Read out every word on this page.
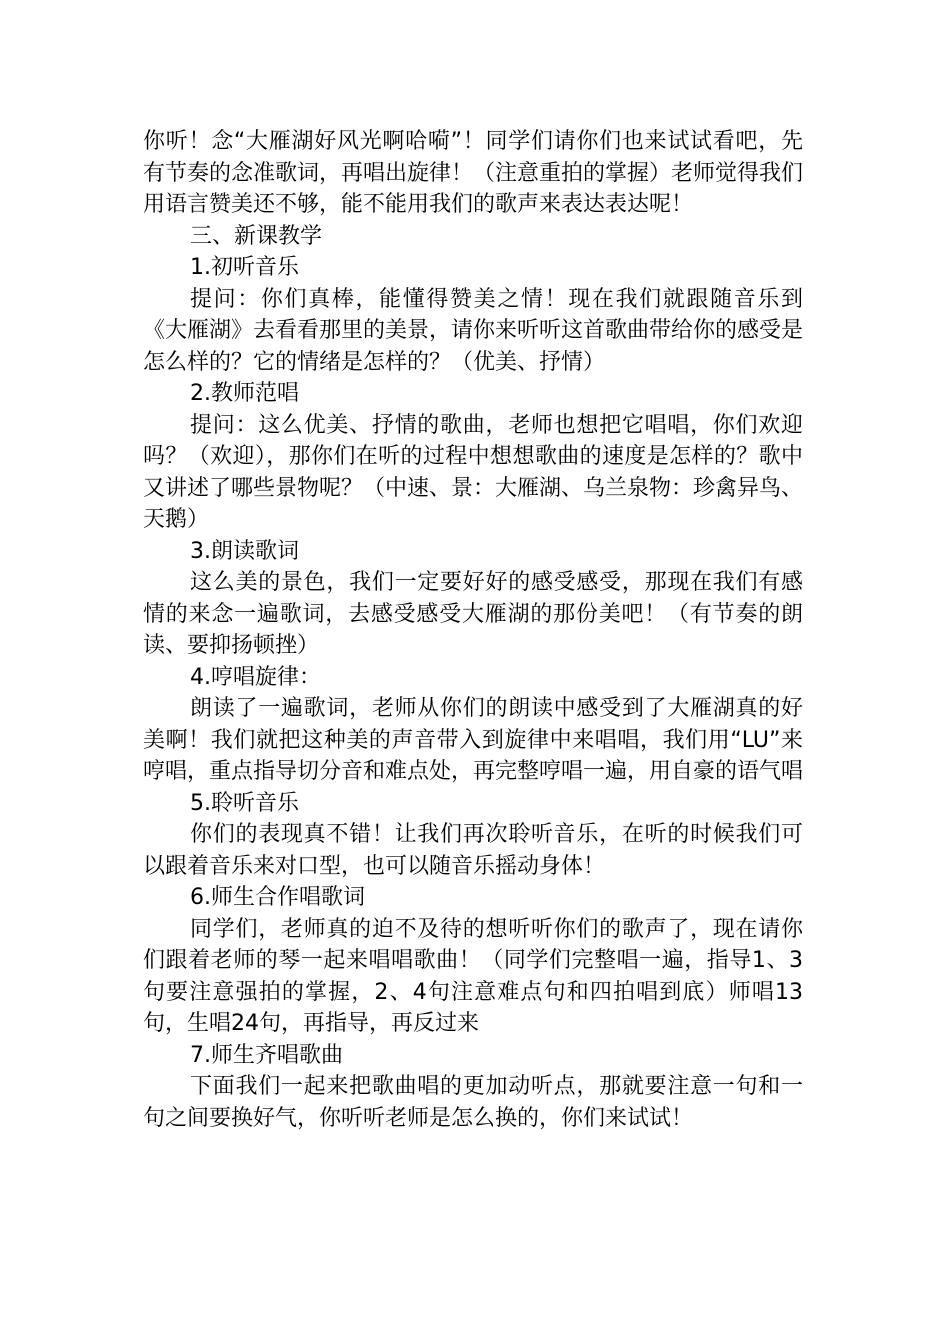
你听！念“大雁湖好风光啊哈嗬”！同学们请你们也来试试看吧，先有节奏的念准歌词，再唱出旋律！（注意重拍的掌握）老师觉得我们用语言赞美还不够，能不能用我们的歌声来表达表达呢！

三、新课教学

1.初听音乐

提问：你们真棒，能懂得赞美之情！现在我们就跟随音乐到《大雁湖》去看看那里的美景，请你来听听这首歌曲带给你的感受是怎么样的？它的情绪是怎样的？（优美、抒情）

2.教师范唱

提问：这么优美、抒情的歌曲，老师也想把它唱唱，你们欢迎吗？（欢迎），那你们在听的过程中想想歌曲的速度是怎样的？歌中又讲述了哪些景物呢？（中速、景：大雁湖、乌兰泉物：珍禽异鸟、天鹅）

3.朗读歌词

这么美的景色，我们一定要好好的感受感受，那现在我们有感情的来念一遍歌词，去感受感受大雁湖的那份美吧！（有节奏的朗读、要抑扬顿挫）

4.哼唱旋律：

朗读了一遍歌词，老师从你们的朗读中感受到了大雁湖真的好美啊！我们就把这种美的声音带入到旋律中来唱唱，我们用“LU”来哼唱，重点指导切分音和难点处，再完整哼唱一遍，用自豪的语气唱

5.聆听音乐

你们的表现真不错！让我们再次聆听音乐，在听的时候我们可以跟着音乐来对口型，也可以随音乐摇动身体！

6.师生合作唱歌词

同学们，老师真的迫不及待的想听听你们的歌声了，现在请你们跟着老师的琴一起来唱唱歌曲！（同学们完整唱一遍，指导1、3句要注意强拍的掌握，2、4句注意难点句和四拍唱到底）师唱13句，生唱24句，再指导，再反过来

7.师生齐唱歌曲

下面我们一起来把歌曲唱的更加动听点，那就要注意一句和一句之间要换好气，你听听老师是怎么换的，你们来试试！
